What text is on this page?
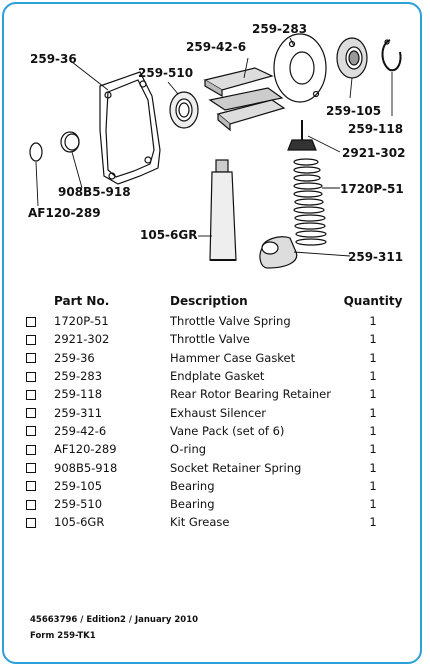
259-283
259-42-6
259-36
259-510
259-105
259-118
2921-302
1720P-51
908B5-918
AF120-289
105-6GR
259-311
	Part No.	Description	Quantity
	1720P-51	Throttle Valve Spring	1
	2921-302	Throttle Valve	1
	259-36	Hammer Case Gasket	1
	259-283	Endplate Gasket	1
	259-118	Rear Rotor Bearing Retainer	1
	259-311	Exhaust Silencer	1
	259-42-6	Vane Pack (set of 6)	1
	AF120-289	O-ring	1
	908B5-918	Socket Retainer Spring	1
	259-105	Bearing	1
	259-510	Bearing	1
	105-6GR	Kit Grease	1
45663796 / Edition2 / January 2010
Form 259-TK1
